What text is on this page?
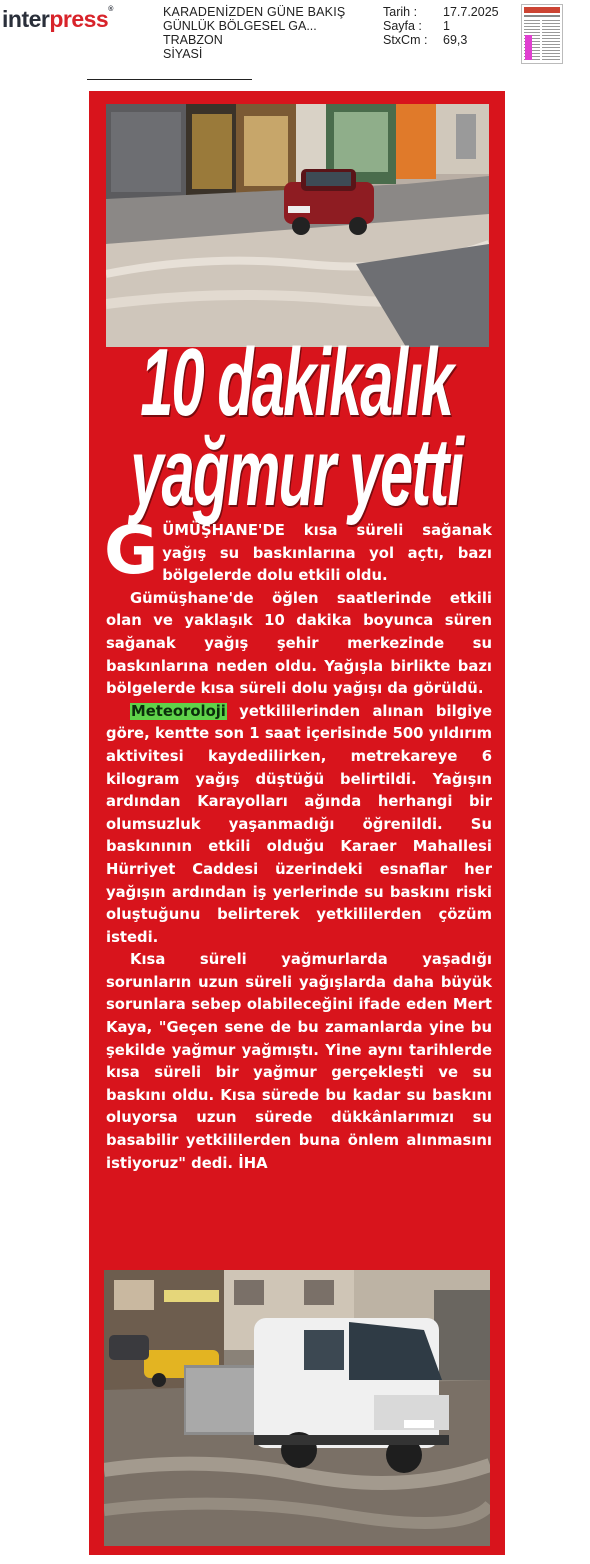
interpress®	KARADENİZDEN GÜNE BAKIŞ
GÜNLÜK BÖLGESEL GA...
TRABZON
SİYASİ
Tarih :	17.7.2025
Sayfa :	1
StxCm :	69,3
10 dakikalık
yağmur yetti

GÜMÜŞHANE'DE kısa süreli sağanak yağış su baskınlarına yol açtı, bazı bölgelerde dolu etkili oldu.

Gümüşhane'de öğlen saatlerinde etkili olan ve yaklaşık 10 dakika boyunca süren sağanak yağış şehir merkezinde su baskınlarına neden oldu. Yağışla birlikte bazı bölgelerde kısa süreli dolu yağışı da görüldü.

Meteoroloji yetkililerinden alınan bilgiye göre, kentte son 1 saat içerisinde 500 yıldırım aktivitesi kaydedilirken, metrekareye 6 kilogram yağış düştüğü belirtildi. Yağışın ardından Karayolları ağında herhangi bir olumsuzluk yaşanmadığı öğrenildi. Su baskınının etkili olduğu Karaer Mahallesi Hürriyet Caddesi üzerindeki esnaflar her yağışın ardından iş yerlerinde su baskını riski oluştuğunu belirterek yetkililerden çözüm istedi.

Kısa süreli yağmurlarda yaşadığı sorunların uzun süreli yağışlarda daha büyük sorunlara sebep olabileceğini ifade eden Mert Kaya, "Geçen sene de bu zamanlarda yine bu şekilde yağmur yağmıştı. Yine aynı tarihlerde kısa süreli bir yağmur gerçekleşti ve su baskını oldu. Kısa sürede bu kadar su baskını oluyorsa uzun sürede dükkânlarımızı su basabilir yetkililerden buna önlem alınmasını istiyoruz" dedi. İHA
